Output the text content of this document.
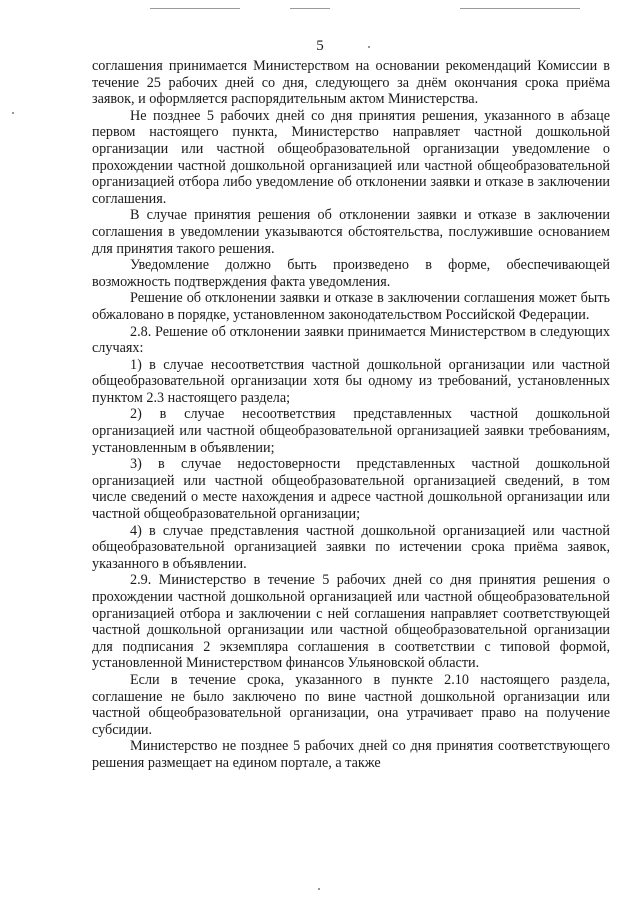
5

соглашения принимается Министерством на основании рекомендаций Комиссии в течение 25 рабочих дней со дня, следующего за днём окончания срока приёма заявок, и оформляется распорядительным актом Министерства.

Не позднее 5 рабочих дней со дня принятия решения, указанного в абзаце первом настоящего пункта, Министерство направляет частной дошкольной организации или частной общеобразовательной организации уведомление о прохождении частной дошкольной организацией или частной общеобразовательной организацией отбора либо уведомление об отклонении заявки и отказе в заключении соглашения.

В случае принятия решения об отклонении заявки и отказе в заключении соглашения в уведомлении указываются обстоятельства, послужившие основанием для принятия такого решения.

Уведомление должно быть произведено в форме, обеспечивающей возможность подтверждения факта уведомления.

Решение об отклонении заявки и отказе в заключении соглашения может быть обжаловано в порядке, установленном законодательством Российской Федерации.

2.8. Решение об отклонении заявки принимается Министерством в следующих случаях:

1) в случае несоответствия частной дошкольной организации или частной общеобразовательной организации хотя бы одному из требований, установленных пунктом 2.3 настоящего раздела;

2) в случае несоответствия представленных частной дошкольной организацией или частной общеобразовательной организацией заявки требованиям, установленным в объявлении;

3) в случае недостоверности представленных частной дошкольной организацией или частной общеобразовательной организацией сведений, в том числе сведений о месте нахождения и адресе частной дошкольной организации или частной общеобразовательной организации;

4) в случае представления частной дошкольной организацией или частной общеобразовательной организацией заявки по истечении срока приёма заявок, указанного в объявлении.

2.9. Министерство в течение 5 рабочих дней со дня принятия решения о прохождении частной дошкольной организацией или частной общеобразовательной организацией отбора и заключении с ней соглашения направляет соответствующей частной дошкольной организации или частной общеобразовательной организации для подписания 2 экземпляра соглашения в соответствии с типовой формой, установленной Министерством финансов Ульяновской области.

Если в течение срока, указанного в пункте 2.10 настоящего раздела, соглашение не было заключено по вине частной дошкольной организации или частной общеобразовательной организации, она утрачивает право на получение субсидии.

Министерство не позднее 5 рабочих дней со дня принятия соответствующего решения размещает на едином портале, а также
